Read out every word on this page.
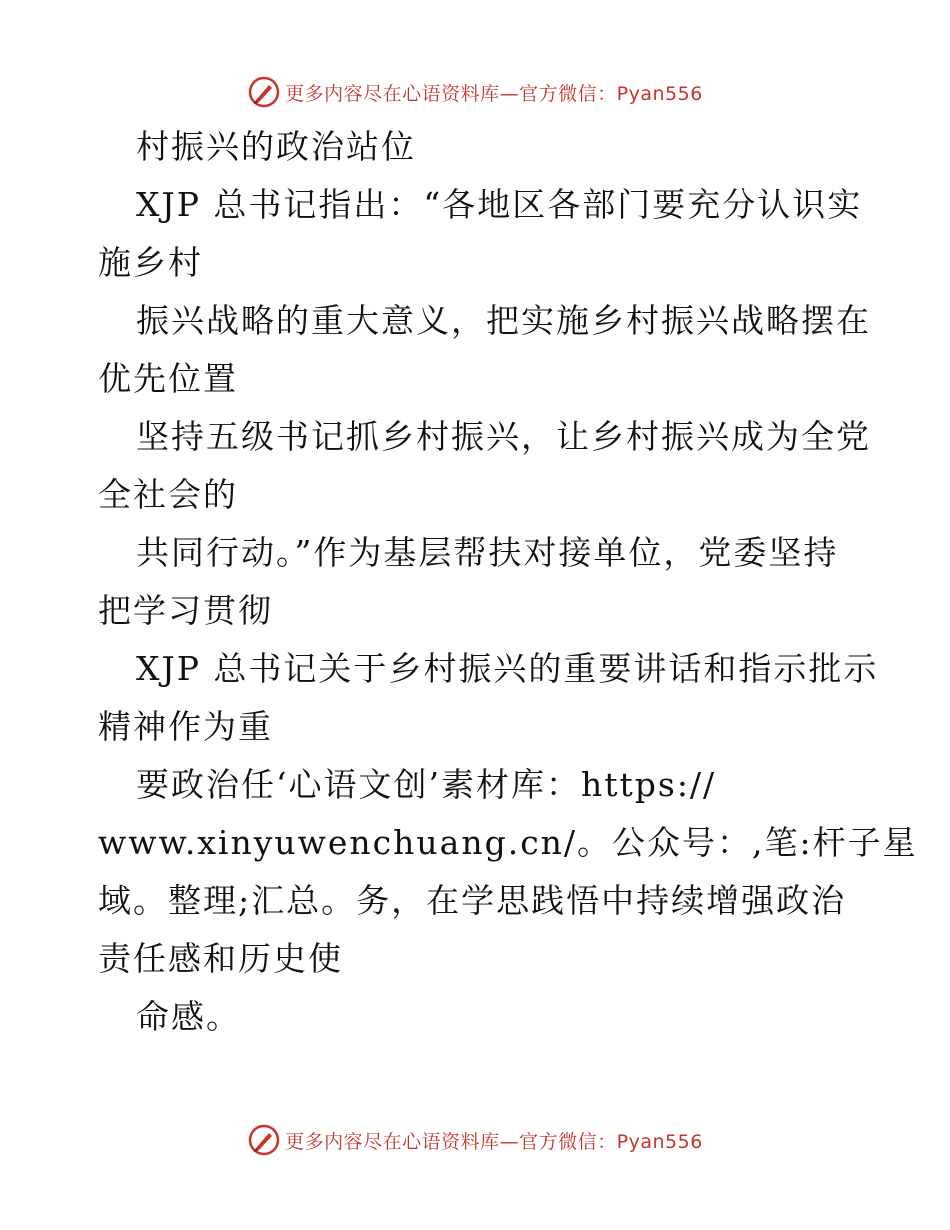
更多内容尽在心语资料库—官方微信：Pyan556
村振兴的政治站位
XJP 总书记指出：“各地区各部门要充分认识实
施乡村
振兴战略的重大意义，把实施乡村振兴战略摆在
优先位置
坚持五级书记抓乡村振兴，让乡村振兴成为全党
全社会的
共同行动。”作为基层帮扶对接单位，党委坚持
把学习贯彻
XJP 总书记关于乡村振兴的重要讲话和指示批示
精神作为重
要政治任‘心语文创’素材库：https://
www.xinyuwenchuang.cn/。公众号：,笔:杆子星
域。整理;汇总。务，在学思践悟中持续增强政治
责任感和历史使
命感。
更多内容尽在心语资料库—官方微信：Pyan556
